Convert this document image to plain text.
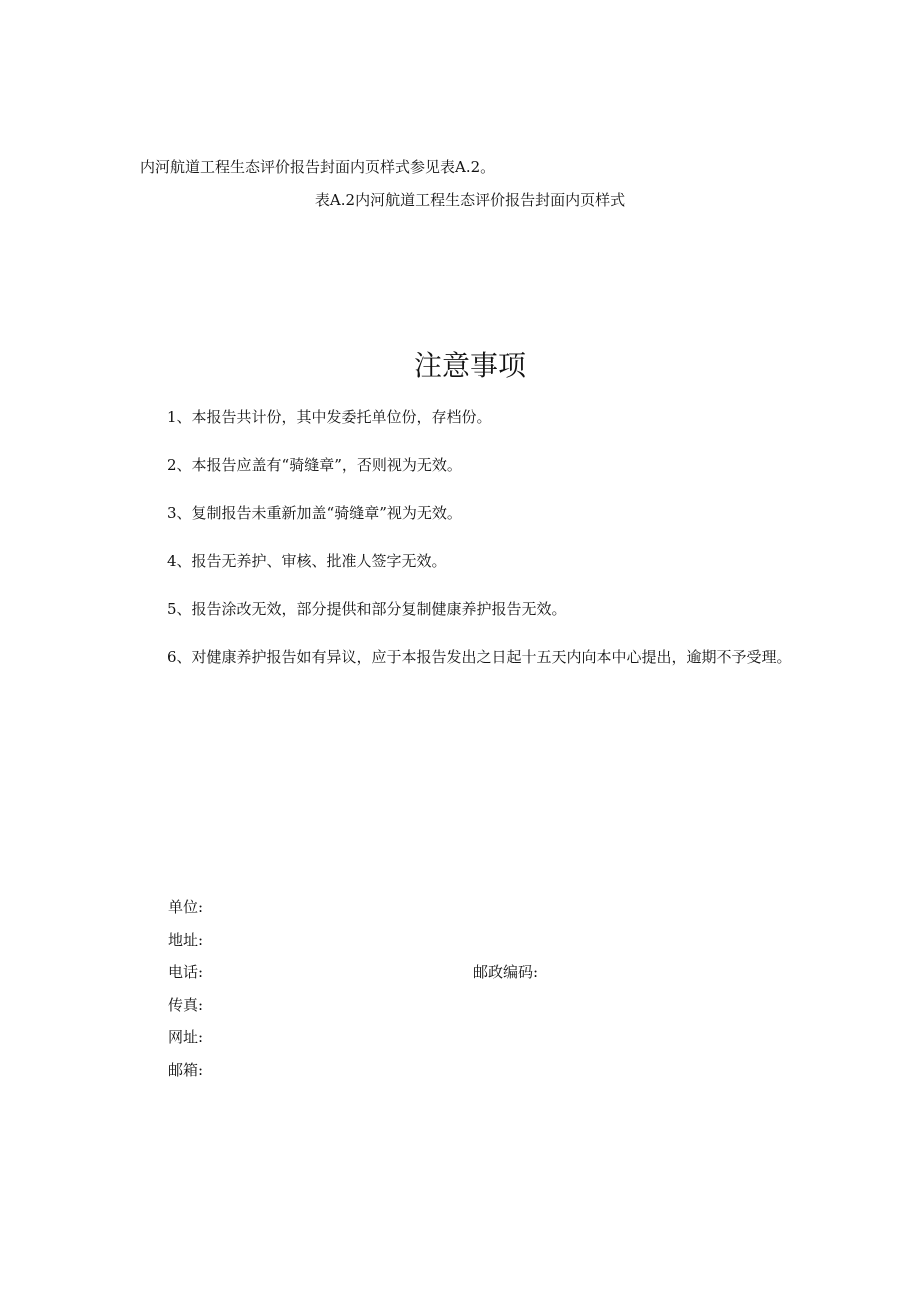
内河航道工程生态评价报告封面内页样式参见表A.2。
表A.2内河航道工程生态评价报告封面内页样式
注意事项
1、本报告共计份，其中发委托单位份，存档份。
2、本报告应盖有“骑缝章”，否则视为无效。
3、复制报告未重新加盖“骑缝章”视为无效。
4、报告无养护、审核、批准人签字无效。
5、报告涂改无效，部分提供和部分复制健康养护报告无效。
6、对健康养护报告如有异议，应于本报告发出之日起十五天内向本中心提出，逾期不予受理。
单位:
地址:
电话:	邮政编码:
传真:
网址:
邮箱:
